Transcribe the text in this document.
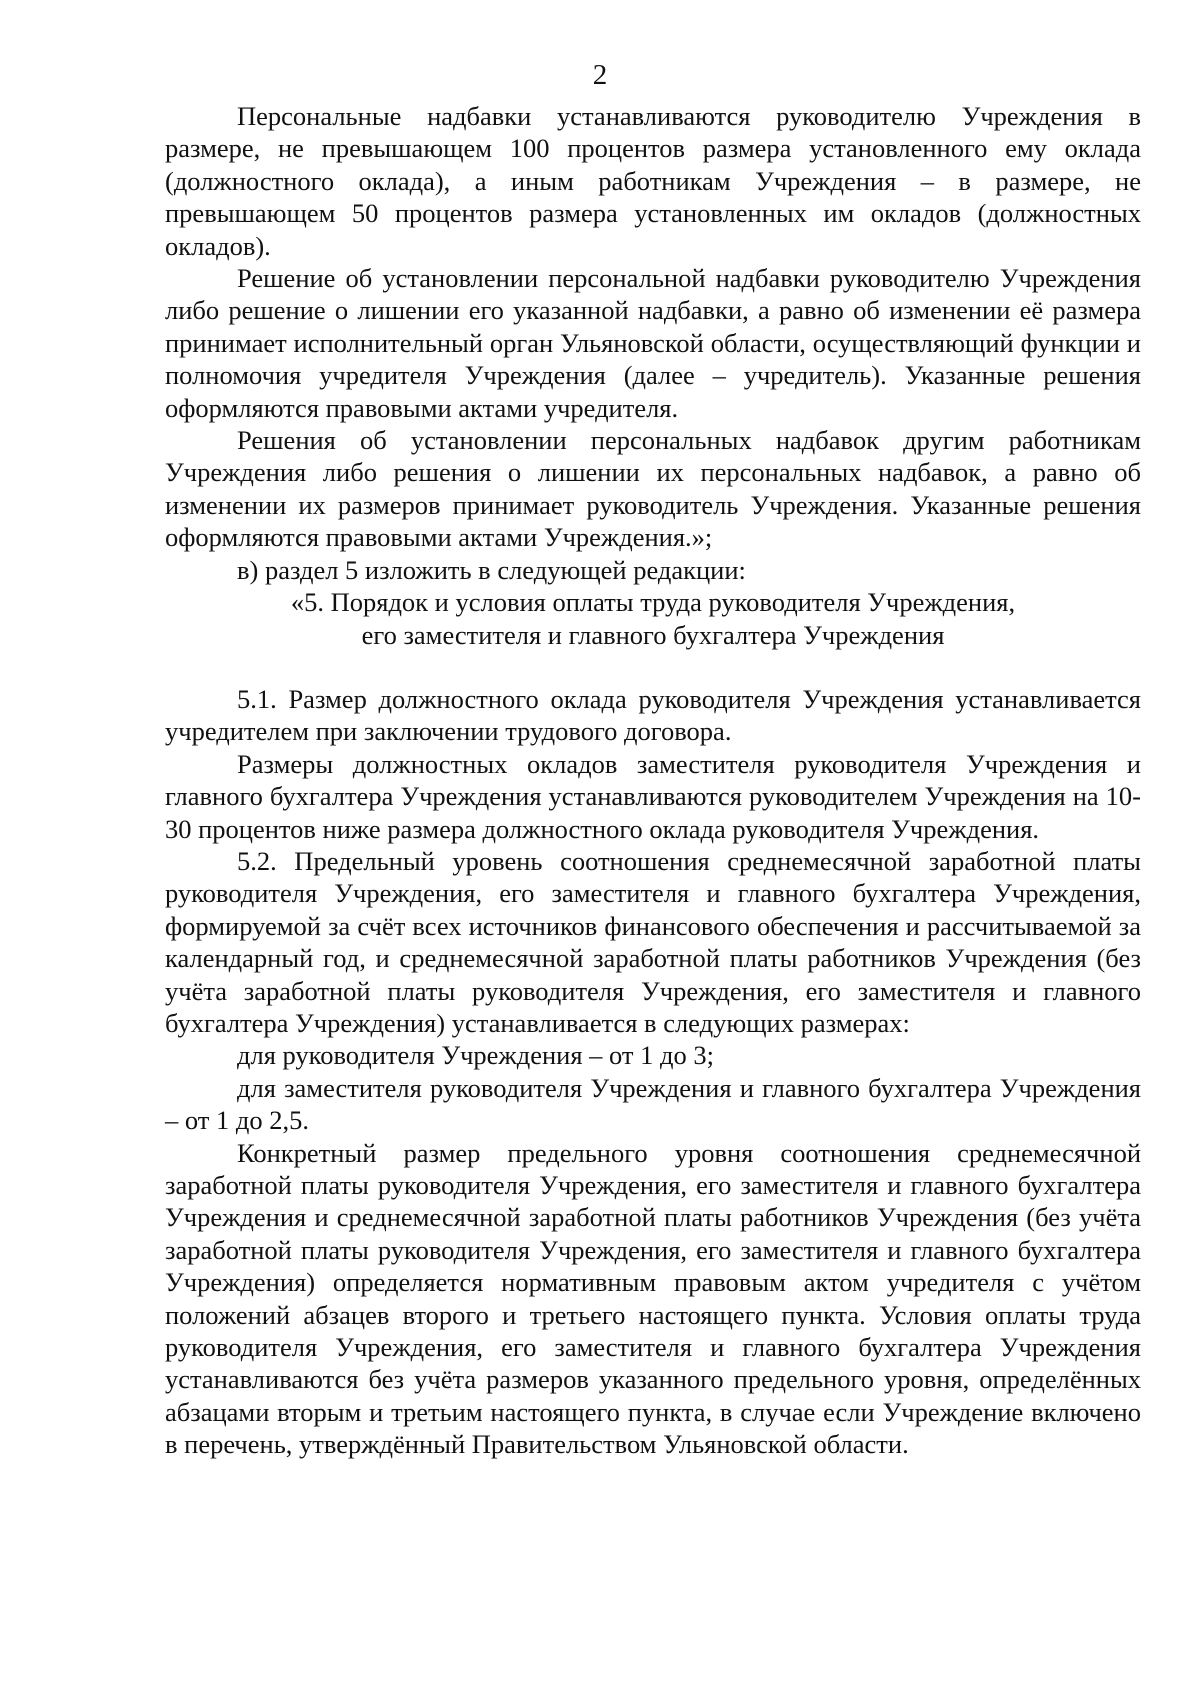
2

Персональные надбавки устанавливаются руководителю Учреждения в размере, не превышающем 100 процентов размера установленного ему оклада (должностного оклада), а иным работникам Учреждения – в размере, не превышающем 50 процентов размера установленных им окладов (должностных окладов).

Решение об установлении персональной надбавки руководителю Учреждения либо решение о лишении его указанной надбавки, а равно об изменении её размера принимает исполнительный орган Ульяновской области, осуществляющий функции и полномочия учредителя Учреждения (далее – учредитель). Указанные решения оформляются правовыми актами учредителя.

Решения об установлении персональных надбавок другим работникам Учреждения либо решения о лишении их персональных надбавок, а равно об изменении их размеров принимает руководитель Учреждения. Указанные решения оформляются правовыми актами Учреждения.»;

в) раздел 5 изложить в следующей редакции:

«5. Порядок и условия оплаты труда руководителя Учреждения,

его заместителя и главного бухгалтера Учреждения

5.1. Размер должностного оклада руководителя Учреждения устанавливается учредителем при заключении трудового договора.

Размеры должностных окладов заместителя руководителя Учреждения и главного бухгалтера Учреждения устанавливаются руководителем Учреждения на 10-30 процентов ниже размера должностного оклада руководителя Учреждения.

5.2. Предельный уровень соотношения среднемесячной заработной платы руководителя Учреждения, его заместителя и главного бухгалтера Учреждения, формируемой за счёт всех источников финансового обеспечения и рассчитываемой за календарный год, и среднемесячной заработной платы работников Учреждения (без учёта заработной платы руководителя Учреждения, его заместителя и главного бухгалтера Учреждения) устанавливается в следующих размерах:

для руководителя Учреждения – от 1 до 3;

для заместителя руководителя Учреждения и главного бухгалтера Учреждения – от 1 до 2,5.

Конкретный размер предельного уровня соотношения среднемесячной заработной платы руководителя Учреждения, его заместителя и главного бухгалтера Учреждения и среднемесячной заработной платы работников Учреждения (без учёта заработной платы руководителя Учреждения, его заместителя и главного бухгалтера Учреждения) определяется нормативным правовым актом учредителя с учётом положений абзацев второго и третьего настоящего пункта. Условия оплаты труда руководителя Учреждения, его заместителя и главного бухгалтера Учреждения устанавливаются без учёта размеров указанного предельного уровня, определённых абзацами вторым и третьим настоящего пункта, в случае если Учреждение включено в перечень, утверждённый Правительством Ульяновской области.
